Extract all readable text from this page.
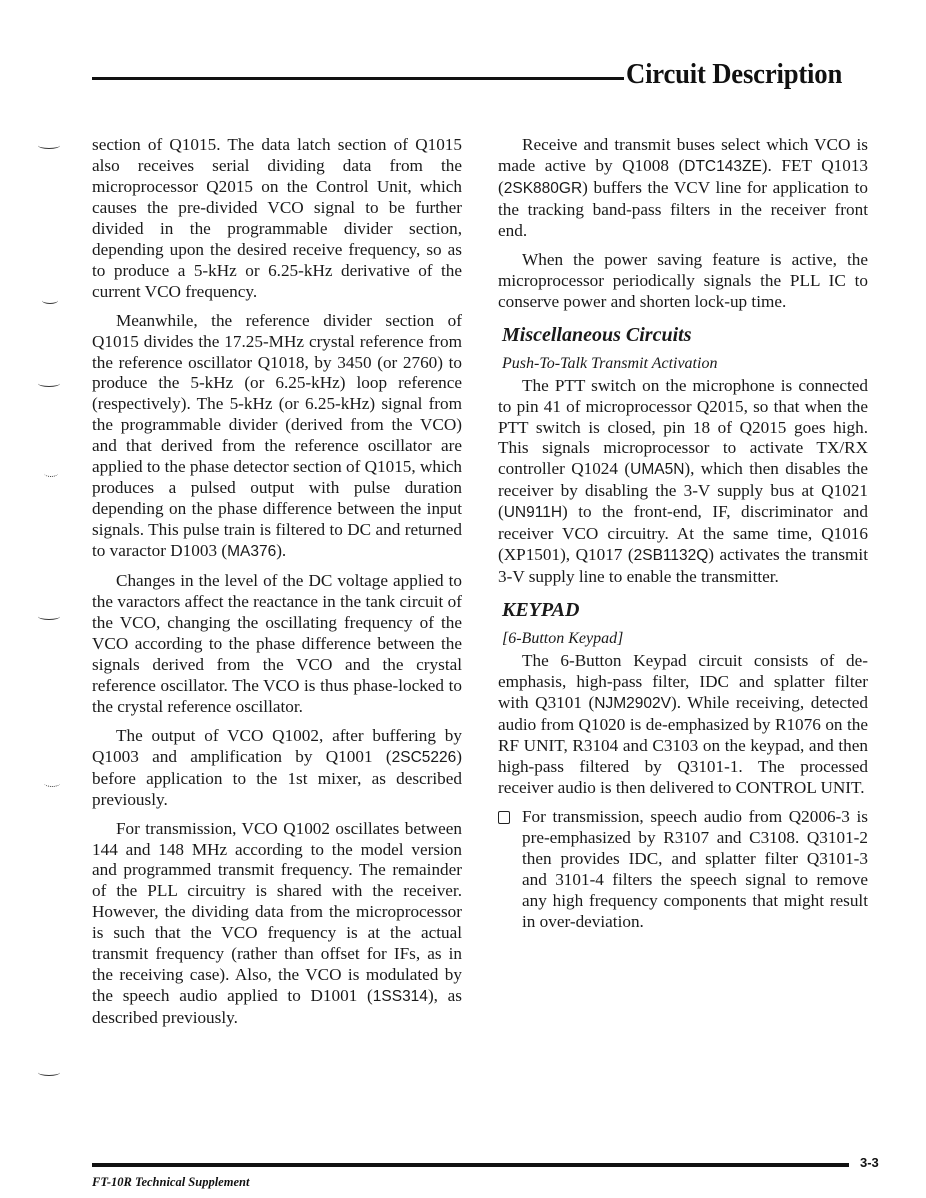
Circuit Description

section of Q1015. The data latch section of Q1015 also receives serial dividing data from the microprocessor Q2015 on the Control Unit, which causes the pre-divided VCO signal to be further divided in the programmable divider section, depending upon the desired receive frequency, so as to produce a 5-kHz or 6.25-kHz derivative of the current VCO frequency.

Meanwhile, the reference divider section of Q1015 divides the 17.25-MHz crystal reference from the reference oscillator Q1018, by 3450 (or 2760) to produce the 5-kHz (or 6.25-kHz) loop reference (respectively). The 5-kHz (or 6.25-kHz) signal from the programmable divider (derived from the VCO) and that derived from the reference oscillator are applied to the phase detector section of Q1015, which produces a pulsed output with pulse duration depending on the phase difference between the input signals. This pulse train is filtered to DC and returned to varactor D1003 (MA376).

Changes in the level of the DC voltage applied to the varactors affect the reactance in the tank circuit of the VCO, changing the oscillating frequency of the VCO according to the phase difference between the signals derived from the VCO and the crystal reference oscillator. The VCO is thus phase-locked to the crystal reference oscillator.

The output of VCO Q1002, after buffering by Q1003 and amplification by Q1001 (2SC5226) before application to the 1st mixer, as described previously.

For transmission, VCO Q1002 oscillates between 144 and 148 MHz according to the model version and programmed transmit frequency. The remainder of the PLL circuitry is shared with the receiver. However, the dividing data from the microprocessor is such that the VCO frequency is at the actual transmit frequency (rather than offset for IFs, as in the receiving case). Also, the VCO is modulated by the speech audio applied to D1001 (1SS314), as described previously.

Receive and transmit buses select which VCO is made active by Q1008 (DTC143ZE). FET Q1013 (2SK880GR) buffers the VCV line for application to the tracking band-pass filters in the receiver front end.

When the power saving feature is active, the microprocessor periodically signals the PLL IC to conserve power and shorten lock-up time.

Miscellaneous Circuits
Push-To-Talk Transmit Activation

The PTT switch on the microphone is connected to pin 41 of microprocessor Q2015, so that when the PTT switch is closed, pin 18 of Q2015 goes high. This signals microprocessor to activate TX/RX controller Q1024 (UMA5N), which then disables the receiver by disabling the 3-V supply bus at Q1021 (UN911H) to the front-end, IF, discriminator and receiver VCO circuitry. At the same time, Q1016 (XP1501), Q1017 (2SB1132Q) activates the transmit 3-V supply line to enable the transmitter.

KEYPAD
[6-Button Keypad]

The 6-Button Keypad circuit consists of de-emphasis, high-pass filter, IDC and splatter filter with Q3101 (NJM2902V). While receiving, detected audio from Q1020 is de-emphasized by R1076 on the RF UNIT, R3104 and C3103 on the keypad, and then high-pass filtered by Q3101-1. The processed receiver audio is then delivered to CONTROL UNIT.

For transmission, speech audio from Q2006-3 is pre-emphasized by R3107 and C3108. Q3101-2 then provides IDC, and splatter filter Q3101-3 and 3101-4 filters the speech signal to remove any high frequency components that might result in over-deviation.

3-3
FT-10R Technical Supplement
